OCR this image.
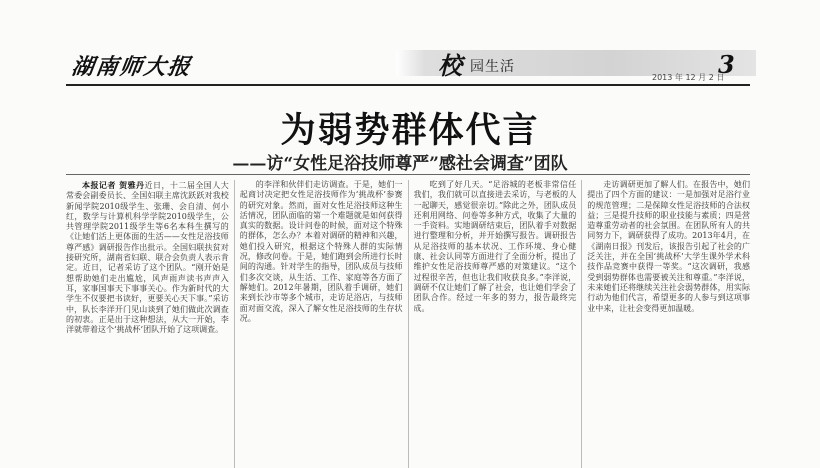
湖南师大报	校 园生活
2013 年 12 月 2 日
3
为弱势群体代言
——访“女性足浴技师尊严”感社会调查”团队

本报记者 贺雅丹近日，十二届全国人大常委会副委员长、全国妇联主席沈跃跃对我校新闻学院2010级学生、张珊、会自清、何小红，数学与计算机科学学院2010级学生，公共管理学院2011级学生等6名本科生撰写的《让她们活上更体面的生活——女性足浴技师尊严感》调研报告作出批示。全国妇联扶贫对接研究所，湖南省妇联、联合会负责人表示肯定。近日，记者采访了这个团队。“刚开始是想帮助她们走出尴尬，风声雨声读书声声入耳，家事国事天下事事关心。作为新时代的大学生不仅要把书读好，更要关心天下事。”采访中，队长李洋开门见山谈到了她们做此次调查的初衷。正是出于这种想法，从大一开始，李洋就带着这个‘挑战杯’团队开始了这项调查。

的李洋和伙伴们走访调查。于是，她们一起商讨决定把女性足浴技师作为‘挑战杯’参赛的研究对象。然而，面对女性足浴技师这种生活情况，团队面临的第一个难题就是如何获得真实的数据。设计问卷的时候，面对这个特殊的群体，怎么办？本着对调研的精神和兴趣，她们投入研究，根据这个特殊人群的实际情况，修改问卷。于是，她们跑到会所进行长时间的沟通。针对学生的指导，团队成员与技师们多次交谈，从生活、工作、家庭等各方面了解她们。2012年暑期，团队着手调研，她们来到长沙市等多个城市，走访足浴店，与技师面对面交流，深入了解女性足浴技师的生存状况。

吃到了好几天。“足浴城的老板非常信任我们，我们就可以直接进去采访，与老板的人一起聊天，感觉很亲切。”除此之外，团队成员还利用网络、问卷等多种方式，收集了大量的一手资料。实地调研结束后，团队着手对数据进行整理和分析，并开始撰写报告。调研报告从足浴技师的基本状况、工作环境、身心健康、社会认同等方面进行了全面分析，提出了维护女性足浴技师尊严感的对策建议。“这个过程很辛苦，但也让我们收获良多。”李洋说，调研不仅让她们了解了社会，也让她们学会了团队合作。经过一年多的努力，报告最终完成。

走访调研更加了解人们。在报告中，她们提出了四个方面的建议：一是加强对足浴行业的规范管理；二是保障女性足浴技师的合法权益；三是提升技师的职业技能与素质；四是营造尊重劳动者的社会氛围。在团队所有人的共同努力下，调研获得了成功。2013年4月，在《湖南日报》刊发后，该报告引起了社会的广泛关注，并在全国‘挑战杯’大学生课外学术科技作品竞赛中获得一等奖。“这次调研，我感受到弱势群体也需要被关注和尊重。”李洋说，未来她们还将继续关注社会弱势群体，用实际行动为他们代言，希望更多的人参与到这项事业中来，让社会变得更加温暖。
